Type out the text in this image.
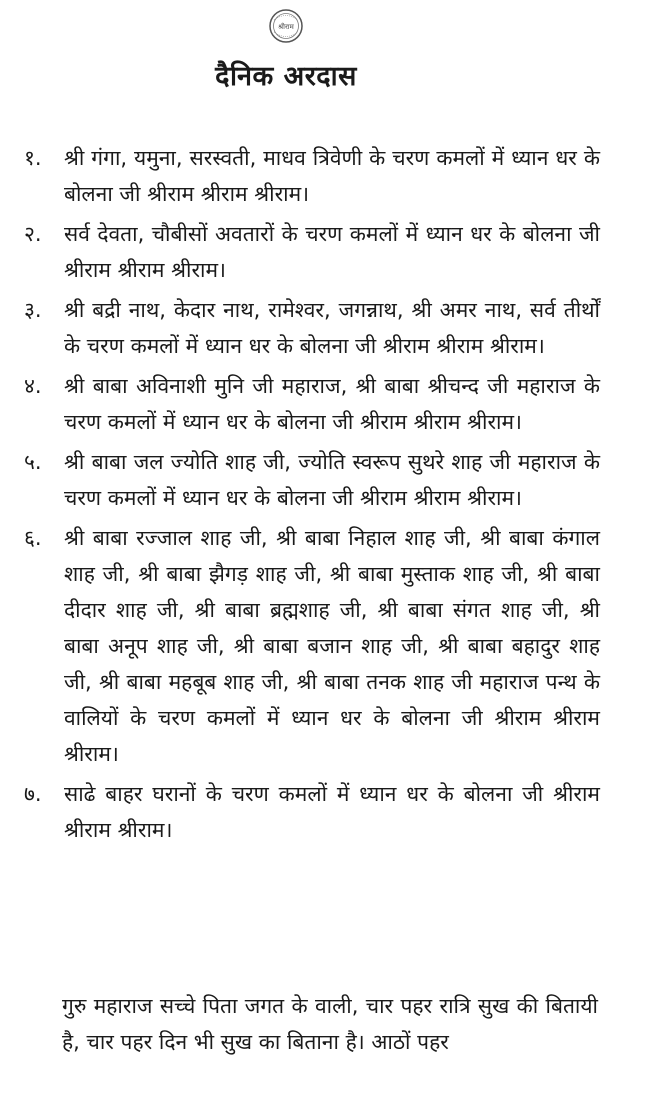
श्रीराम
दैनिक अरदास
१.	श्री गंगा, यमुना, सरस्वती, माधव त्रिवेणी के चरण कमलों में ध्यान धर के बोलना जी श्रीराम श्रीराम श्रीराम।
२.	सर्व देवता, चौबीसों अवतारों के चरण कमलों में ध्यान धर के बोलना जी श्रीराम श्रीराम श्रीराम।
३.	श्री बद्री नाथ, केदार नाथ, रामेश्वर, जगन्नाथ, श्री अमर नाथ, सर्व तीर्थों के चरण कमलों में ध्यान धर के बोलना जी श्रीराम श्रीराम श्रीराम।
४.	श्री बाबा अविनाशी मुनि जी महाराज, श्री बाबा श्रीचन्द जी महाराज के चरण कमलों में ध्यान धर के बोलना जी श्रीराम श्रीराम श्रीराम।
५.	श्री बाबा जल ज्योति शाह जी, ज्योति स्वरूप सुथरे शाह जी महाराज के चरण कमलों में ध्यान धर के बोलना जी श्रीराम श्रीराम श्रीराम।
६.	श्री बाबा रज्जाल शाह जी, श्री बाबा निहाल शाह जी, श्री बाबा कंगाल शाह जी, श्री बाबा झैगड़ शाह जी, श्री बाबा मुस्ताक शाह जी, श्री बाबा दीदार शाह जी, श्री बाबा ब्रह्मशाह जी, श्री बाबा संगत शाह जी, श्री बाबा अनूप शाह जी, श्री बाबा बजान शाह जी, श्री बाबा बहादुर शाह जी, श्री बाबा महबूब शाह जी, श्री बाबा तनक शाह जी महाराज पन्थ के वालियों के चरण कमलों में ध्यान धर के बोलना जी श्रीराम श्रीराम श्रीराम।
७.	साढे बाहर घरानों के चरण कमलों में ध्यान धर के बोलना जी श्रीराम श्रीराम श्रीराम।

गुरु महाराज सच्चे पिता जगत के वाली, चार पहर रात्रि सुख की बितायी है, चार पहर दिन भी सुख का बिताना है। आठों पहर
